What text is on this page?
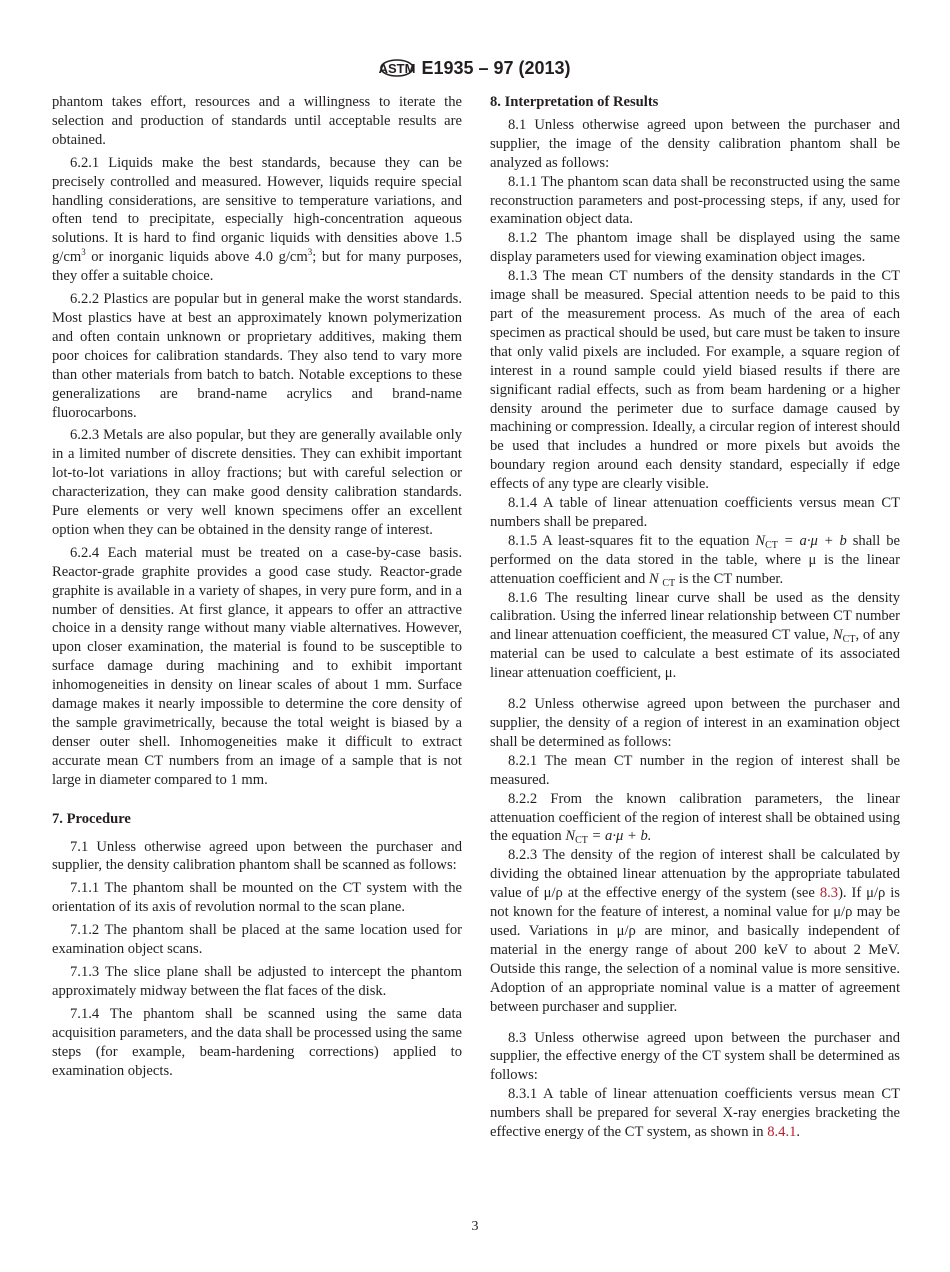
ASTM E1935 – 97 (2013)

phantom takes effort, resources and a willingness to iterate the selection and production of standards until acceptable results are obtained.

6.2.1 Liquids make the best standards, because they can be precisely controlled and measured. However, liquids require special handling considerations, are sensitive to temperature variations, and often tend to precipitate, especially high-concentration aqueous solutions. It is hard to find organic liquids with densities above 1.5 $g/cm^3$ or inorganic liquids above 4.0 $g/cm^3$; but for many purposes, they offer a suitable choice.

6.2.2 Plastics are popular but in general make the worst standards. Most plastics have at best an approximately known polymerization and often contain unknown or proprietary additives, making them poor choices for calibration standards. They also tend to vary more than other materials from batch to batch. Notable exceptions to these generalizations are brand-name acrylics and brand-name fluorocarbons.

6.2.3 Metals are also popular, but they are generally available only in a limited number of discrete densities. They can exhibit important lot-to-lot variations in alloy fractions; but with careful selection or characterization, they can make good density calibration standards. Pure elements or very well known specimens offer an excellent option when they can be obtained in the density range of interest.

6.2.4 Each material must be treated on a case-by-case basis. Reactor-grade graphite provides a good case study. Reactor-grade graphite is available in a variety of shapes, in very pure form, and in a number of densities. At first glance, it appears to offer an attractive choice in a density range without many viable alternatives. However, upon closer examination, the material is found to be susceptible to surface damage during machining and to exhibit important inhomogeneities in density on linear scales of about 1 mm. Surface damage makes it nearly impossible to determine the core density of the sample gravimetrically, because the total weight is biased by a denser outer shell. Inhomogeneities make it difficult to extract accurate mean CT numbers from an image of a sample that is not large in diameter compared to 1 mm.

7. Procedure

7.1 Unless otherwise agreed upon between the purchaser and supplier, the density calibration phantom shall be scanned as follows:

7.1.1 The phantom shall be mounted on the CT system with the orientation of its axis of revolution normal to the scan plane.

7.1.2 The phantom shall be placed at the same location used for examination object scans.

7.1.3 The slice plane shall be adjusted to intercept the phantom approximately midway between the flat faces of the disk.

7.1.4 The phantom shall be scanned using the same data acquisition parameters, and the data shall be processed using the same steps (for example, beam-hardening corrections) applied to examination objects.

8. Interpretation of Results

8.1 Unless otherwise agreed upon between the purchaser and supplier, the image of the density calibration phantom shall be analyzed as follows:

8.1.1 The phantom scan data shall be reconstructed using the same reconstruction parameters and post-processing steps, if any, used for examination object data.

8.1.2 The phantom image shall be displayed using the same display parameters used for viewing examination object images.

8.1.3 The mean CT numbers of the density standards in the CT image shall be measured. Special attention needs to be paid to this part of the measurement process. As much of the area of each specimen as practical should be used, but care must be taken to insure that only valid pixels are included. For example, a square region of interest in a round sample could yield biased results if there are significant radial effects, such as from beam hardening or a higher density around the perimeter due to surface damage caused by machining or compression. Ideally, a circular region of interest should be used that includes a hundred or more pixels but avoids the boundary region around each density standard, especially if edge effects of any type are clearly visible.

8.1.4 A table of linear attenuation coefficients versus mean CT numbers shall be prepared.

8.1.5 A least-squares fit to the equation $N_{CT} = a\cdot\mu + b$ shall be performed on the data stored in the table, where μ is the linear attenuation coefficient and N $_{CT}$ is the CT number.

8.1.6 The resulting linear curve shall be used as the density calibration. Using the inferred linear relationship between CT number and linear attenuation coefficient, the measured CT value, $N_{CT}$, of any material can be used to calculate a best estimate of its associated linear attenuation coefficient, μ.

8.2 Unless otherwise agreed upon between the purchaser and supplier, the density of a region of interest in an examination object shall be determined as follows:

8.2.1 The mean CT number in the region of interest shall be measured.

8.2.2 From the known calibration parameters, the linear attenuation coefficient of the region of interest shall be obtained using the equation $N_{CT} = a\cdot\mu + b$.

8.2.3 The density of the region of interest shall be calculated by dividing the obtained linear attenuation by the appropriate tabulated value of μ/ρ at the effective energy of the system (see 8.3). If μ/ρ is not known for the feature of interest, a nominal value for μ/ρ may be used. Variations in μ/ρ are minor, and basically independent of material in the energy range of about 200 keV to about 2 MeV. Outside this range, the selection of a nominal value is more sensitive. Adoption of an appropriate nominal value is a matter of agreement between purchaser and supplier.

8.3 Unless otherwise agreed upon between the purchaser and supplier, the effective energy of the CT system shall be determined as follows:

8.3.1 A table of linear attenuation coefficients versus mean CT numbers shall be prepared for several X-ray energies bracketing the effective energy of the CT system, as shown in 8.4.1.

3
